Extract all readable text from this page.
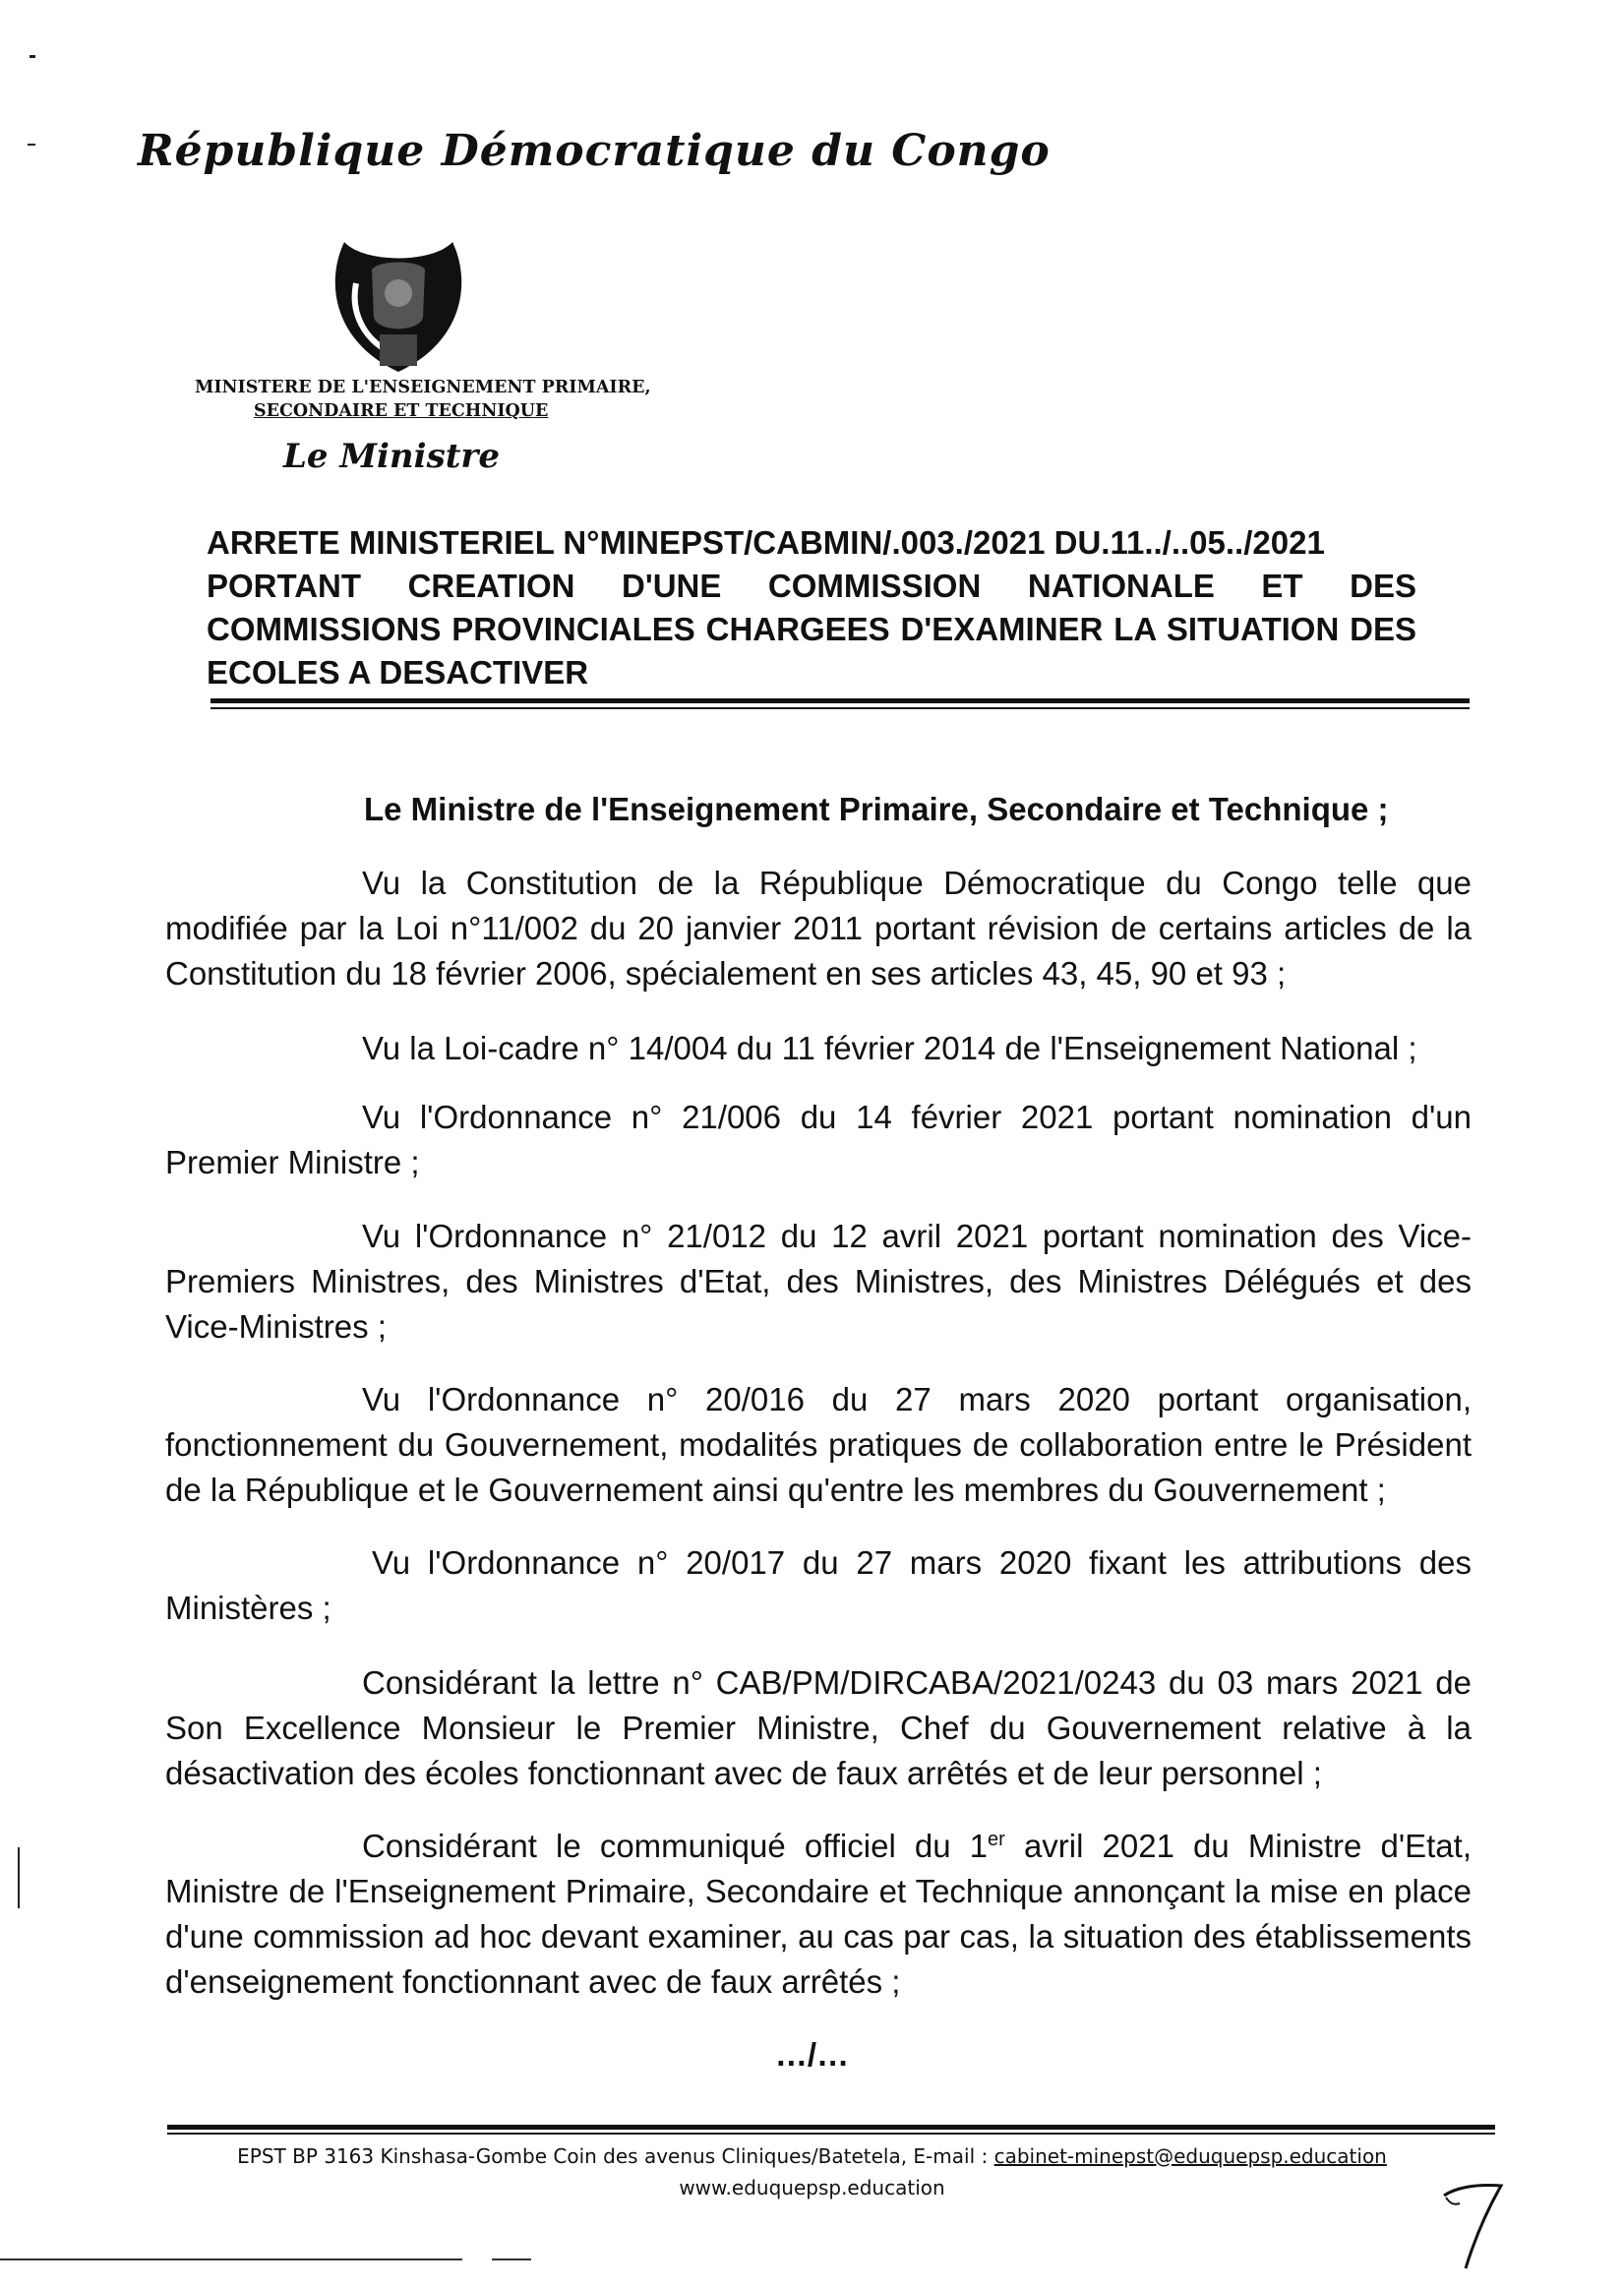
République Démocratique du Congo
MINISTERE DE L'ENSEIGNEMENT PRIMAIRE,
SECONDAIRE ET TECHNIQUE
Le Ministre
ARRETE MINISTERIEL N°MINEPST/CABMIN/.003./2021 DU.11../..05../2021
PORTANT CREATION D'UNE COMMISSION NATIONALE ET DES
COMMISSIONS PROVINCIALES CHARGEES D'EXAMINER LA SITUATION DES
ECOLES A DESACTIVER
Le Ministre de l'Enseignement Primaire, Secondaire et Technique ;
Vu la Constitution de la République Démocratique du Congo telle que modifiée par la Loi n°11/002 du 20 janvier 2011 portant révision de certains articles de la Constitution du 18 février 2006, spécialement en ses articles 43, 45, 90 et 93 ;
Vu la Loi-cadre n° 14/004 du 11 février 2014 de l'Enseignement National ;
Vu l'Ordonnance n° 21/006 du 14 février 2021 portant nomination d'un Premier Ministre ;
Vu l'Ordonnance n° 21/012 du 12 avril 2021 portant nomination des Vice-Premiers Ministres, des Ministres d'Etat, des Ministres, des Ministres Délégués et des Vice-Ministres ;
Vu l'Ordonnance n° 20/016 du 27 mars 2020 portant organisation, fonctionnement du Gouvernement, modalités pratiques de collaboration entre le Président de la République et le Gouvernement ainsi qu'entre les membres du Gouvernement ;
Vu l'Ordonnance n° 20/017 du 27 mars 2020 fixant les attributions des Ministères ;
Considérant la lettre n° CAB/PM/DIRCABA/2021/0243 du 03 mars 2021 de Son Excellence Monsieur le Premier Ministre, Chef du Gouvernement relative à la désactivation des écoles fonctionnant avec de faux arrêtés et de leur personnel ;
Considérant le communiqué officiel du 1er avril 2021 du Ministre d'Etat, Ministre de l'Enseignement Primaire, Secondaire et Technique annonçant la mise en place d'une commission ad hoc devant examiner, au cas par cas, la situation des établissements d'enseignement fonctionnant avec de faux arrêtés ;
…/…
EPST BP 3163 Kinshasa-Gombe Coin des avenus Cliniques/Batetela, E-mail : cabinet-minepst@eduquepsp.education
www.eduquepsp.education
